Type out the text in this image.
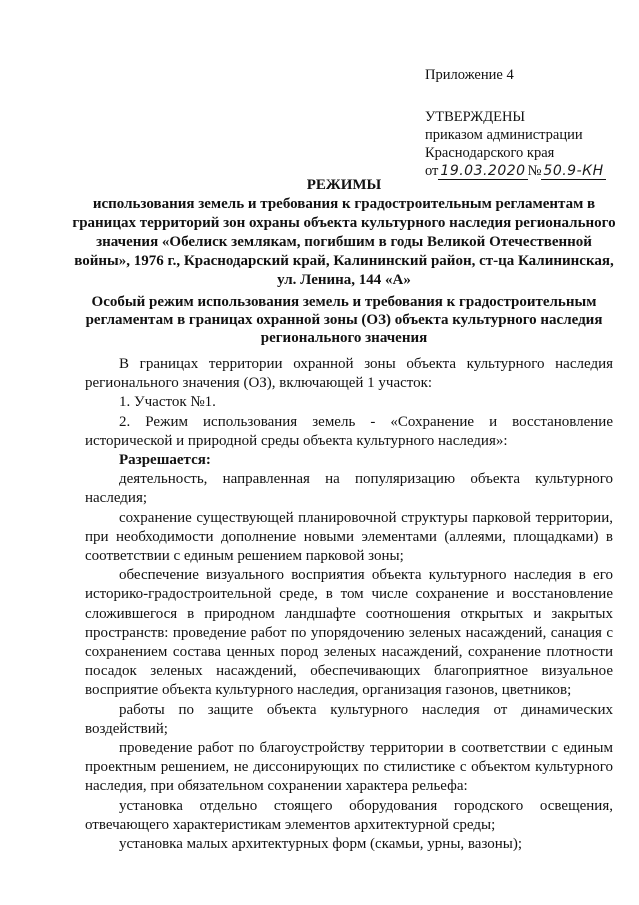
Приложение 4
УТВЕРЖДЕНЫ
приказом администрации
Краснодарского края
от 19.03.2020 № 50.9-КН
РЕЖИМЫ
использования земель и требования к градостроительным регламентам в границах территорий зон охраны объекта культурного наследия регионального значения «Обелиск землякам, погибшим в годы Великой Отечественной войны», 1976 г., Краснодарский край, Калининский район, ст-ца Калининская, ул. Ленина, 144 «А»
Особый режим использования земель и требования к градостроительным регламентам в границах охранной зоны (ОЗ) объекта культурного наследия регионального значения

В границах территории охранной зоны объекта культурного наследия регионального значения (ОЗ), включающей 1 участок:

1. Участок №1.

2. Режим использования земель - «Сохранение и восстановление исторической и природной среды объекта культурного наследия»:

Разрешается:

деятельность, направленная на популяризацию объекта культурного наследия;

сохранение существующей планировочной структуры парковой территории, при необходимости дополнение новыми элементами (аллеями, площадками) в соответствии с единым решением парковой зоны;

обеспечение визуального восприятия объекта культурного наследия в его историко-градостроительной среде, в том числе сохранение и восстановление сложившегося в природном ландшафте соотношения открытых и закрытых пространств: проведение работ по упорядочению зеленых насаждений, санация с сохранением состава ценных пород зеленых насаждений, сохранение плотности посадок зеленых насаждений, обеспечивающих благоприятное визуальное восприятие объекта культурного наследия, организация газонов, цветников;

работы по защите объекта культурного наследия от динамических воздействий;

проведение работ по благоустройству территории в соответствии с единым проектным решением, не диссонирующих по стилистике с объектом культурного наследия, при обязательном сохранении характера рельефа:

установка отдельно стоящего оборудования городского освещения, отвечающего характеристикам элементов архитектурной среды;

установка малых архитектурных форм (скамьи, урны, вазоны);
